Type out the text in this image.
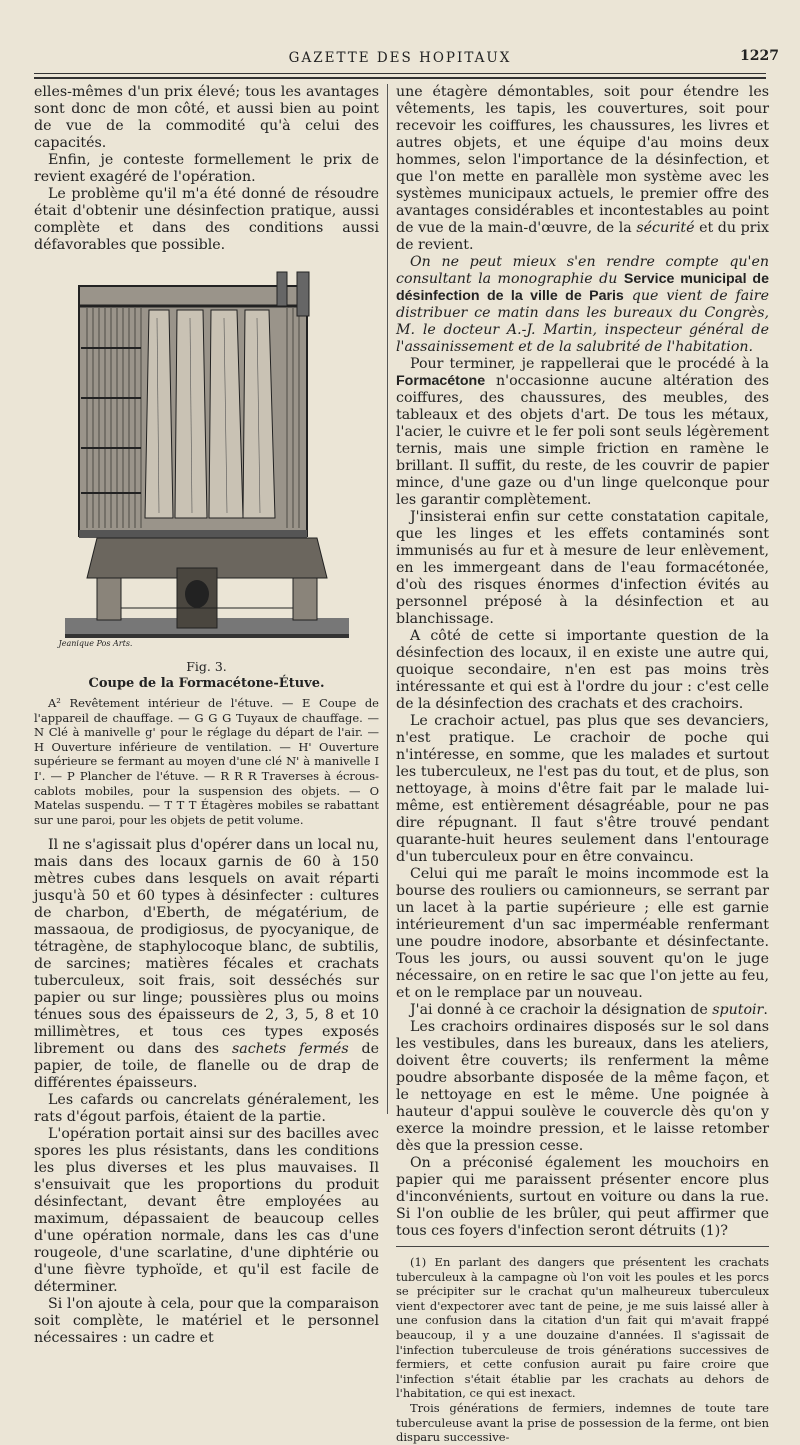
GAZETTE DES HOPITAUX	1227

elles-mêmes d'un prix élevé; tous les avantages sont donc de mon côté, et aussi bien au point de vue de la commodité qu'à celui des capacités.

Enfin, je conteste formellement le prix de revient exagéré de l'opération.

Le problème qu'il m'a été donné de résoudre était d'obtenir une désinfection pratique, aussi complète et dans des conditions aussi défavorables que possible.

Jeanique Pos Arts.
Fig. 3.
Coupe de la Formacétone-Étuve.

A² Revêtement intérieur de l'étuve. — E Coupe de l'appareil de chauffage. — G G G Tuyaux de chauffage. — N Clé à manivelle g' pour le réglage du départ de l'air. — H Ouverture inférieure de ventilation. — H' Ouverture supérieure se fermant au moyen d'une clé N' à manivelle I I'. — P Plancher de l'étuve. — R R R Traverses à écrous-cablots mobiles, pour la suspension des objets. — O Matelas suspendu. — T T T Étagères mobiles se rabattant sur une paroi, pour les objets de petit volume.

Il ne s'agissait plus d'opérer dans un local nu, mais dans des locaux garnis de 60 à 150 mètres cubes dans lesquels on avait réparti jusqu'à 50 et 60 types à désinfecter : cultures de charbon, d'Eberth, de mégatérium, de massaoua, de prodigiosus, de pyocyanique, de tétragène, de staphylocoque blanc, de subtilis, de sarcines; matières fécales et crachats tuberculeux, soit frais, soit desséchés sur papier ou sur linge; poussières plus ou moins ténues sous des épaisseurs de 2, 3, 5, 8 et 10 millimètres, et tous ces types exposés librement ou dans des sachets fermés de papier, de toile, de flanelle ou de drap de différentes épaisseurs.

Les cafards ou cancrelats généralement, les rats d'égout parfois, étaient de la partie.

L'opération portait ainsi sur des bacilles avec spores les plus résistants, dans les conditions les plus diverses et les plus mauvaises. Il s'ensuivait que les proportions du produit désinfectant, devant être employées au maximum, dépassaient de beaucoup celles d'une opération normale, dans les cas d'une rougeole, d'une scarlatine, d'une diphtérie ou d'une fièvre typhoïde, et qu'il est facile de déterminer.

Si l'on ajoute à cela, pour que la comparaison soit complète, le matériel et le personnel nécessaires : un cadre et

une étagère démontables, soit pour étendre les vêtements, les tapis, les couvertures, soit pour recevoir les coiffures, les chaussures, les livres et autres objets, et une équipe d'au moins deux hommes, selon l'importance de la désinfection, et que l'on mette en parallèle mon système avec les systèmes municipaux actuels, le premier offre des avantages considérables et incontestables au point de vue de la main-d'œuvre, de la sécurité et du prix de revient.

On ne peut mieux s'en rendre compte qu'en consultant la monographie du Service municipal de désinfection de la ville de Paris que vient de faire distribuer ce matin dans les bureaux du Congrès, M. le docteur A.-J. Martin, inspecteur général de l'assainissement et de la salubrité de l'habitation.

Pour terminer, je rappellerai que le procédé à la Formacétone n'occasionne aucune altération des coiffures, des chaussures, des meubles, des tableaux et des objets d'art. De tous les métaux, l'acier, le cuivre et le fer poli sont seuls légèrement ternis, mais une simple friction en ramène le brillant. Il suffit, du reste, de les couvrir de papier mince, d'une gaze ou d'un linge quelconque pour les garantir complètement.

J'insisterai enfin sur cette constatation capitale, que les linges et les effets contaminés sont immunisés au fur et à mesure de leur enlèvement, en les immergeant dans de l'eau formacétonée, d'où des risques énormes d'infection évités au personnel préposé à la désinfection et au blanchissage.

A côté de cette si importante question de la désinfection des locaux, il en existe une autre qui, quoique secondaire, n'en est pas moins très intéressante et qui est à l'ordre du jour : c'est celle de la désinfection des crachats et des crachoirs.

Le crachoir actuel, pas plus que ses devanciers, n'est pratique. Le crachoir de poche qui n'intéresse, en somme, que les malades et surtout les tuberculeux, ne l'est pas du tout, et de plus, son nettoyage, à moins d'être fait par le malade lui-même, est entièrement désagréable, pour ne pas dire répugnant. Il faut s'être trouvé pendant quarante-huit heures seulement dans l'entourage d'un tuberculeux pour en être convaincu.

Celui qui me paraît le moins incommode est la bourse des rouliers ou camionneurs, se serrant par un lacet à la partie supérieure ; elle est garnie intérieurement d'un sac imperméable renfermant une poudre inodore, absorbante et désinfectante. Tous les jours, ou aussi souvent qu'on le juge nécessaire, on en retire le sac que l'on jette au feu, et on le remplace par un nouveau.

J'ai donné à ce crachoir la désignation de sputoir.

Les crachoirs ordinaires disposés sur le sol dans les vestibules, dans les bureaux, dans les ateliers, doivent être couverts; ils renferment la même poudre absorbante disposée de la même façon, et le nettoyage en est le même. Une poignée à hauteur d'appui soulève le couvercle dès qu'on y exerce la moindre pression, et le laisse retomber dès que la pression cesse.

On a préconisé également les mouchoirs en papier qui me paraissent présenter encore plus d'inconvénients, surtout en voiture ou dans la rue. Si l'on oublie de les brûler, qui peut affirmer que tous ces foyers d'infection seront détruits (1)?

(1) En parlant des dangers que présentent les crachats tuberculeux à la campagne où l'on voit les poules et les porcs se précipiter sur le crachat qu'un malheureux tuberculeux vient d'expectorer avec tant de peine, je me suis laissé aller à une confusion dans la citation d'un fait qui m'avait frappé beaucoup, il y a une douzaine d'années. Il s'agissait de l'infection tuberculeuse de trois générations successives de fermiers, et cette confusion aurait pu faire croire que l'infection s'était établie par les crachats au dehors de l'habitation, ce qui est inexact.

Trois générations de fermiers, indemnes de toute tare tuberculeuse avant la prise de possession de la ferme, ont bien disparu successive-
